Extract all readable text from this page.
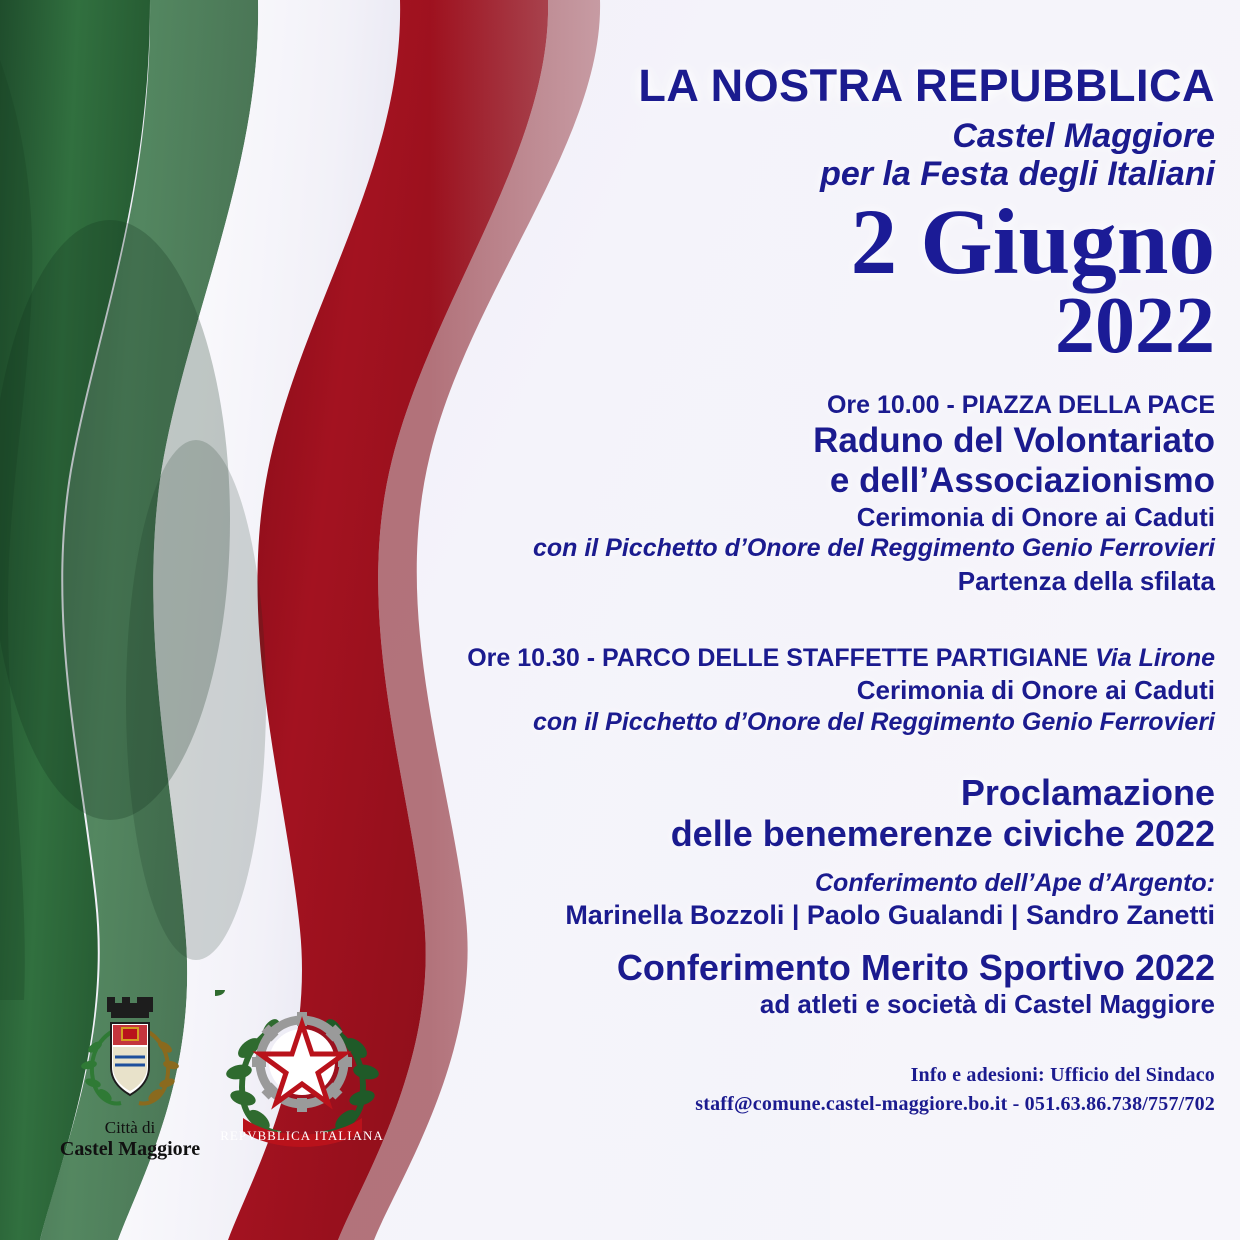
LA NOSTRA REPUBBLICA
Castel Maggiore
per la Festa degli Italiani
2 Giugno
2022
Ore 10.00 - PIAZZA DELLA PACE
Raduno del Volontariato
e dell’Associazionismo
Cerimonia di Onore ai Caduti
con il Picchetto d’Onore del Reggimento Genio Ferrovieri
Partenza della sfilata
Ore 10.30 - PARCO DELLE STAFFETTE PARTIGIANE Via Lirone
Cerimonia di Onore ai Caduti
con il Picchetto d’Onore del Reggimento Genio Ferrovieri
Proclamazione
delle benemerenze civiche 2022
Conferimento dell’Ape d’Argento:
Marinella Bozzoli | Paolo Gualandi | Sandro Zanetti
Conferimento Merito Sportivo 2022
ad atleti e società di Castel Maggiore
Info e adesioni: Ufficio del Sindaco
staff@comune.castel-maggiore.bo.it - 051.63.86.738/757/702
Città di
Castel Maggiore
REPVBBLICA ITALIANA
